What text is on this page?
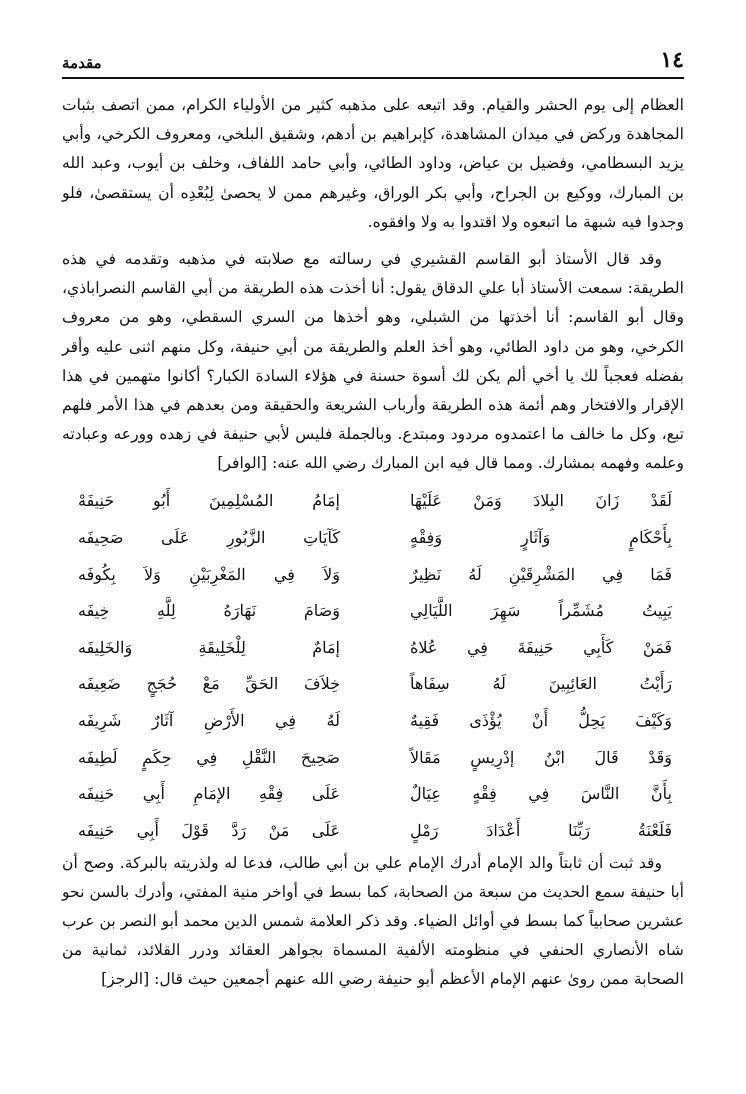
١٤
مقدمة

العظام إلى يوم الحشر والقيام. وقد اتبعه على مذهبه كثير من الأولياء الكرام، ممن اتصف بثبات المجاهدة وركض في ميدان المشاهدة، كإبراهيم بن أدهم، وشقيق البلخي، ومعروف الكرخي، وأبي يزيد البسطامي، وفضيل بن عياض، وداود الطائي، وأبي حامد اللفاف، وخلف بن أيوب، وعبد الله بن المبارك، ووكيع بن الجراح، وأبي بكر الوراق، وغيرهم ممن لا يحصىٰ لِبُعْدِه أن يستقصىٰ، فلو وجدوا فيه شبهة ما اتبعوه ولا اقتدوا به ولا وافقوه.

وقد قال الأستاذ أبو القاسم القشيري في رسالته مع صلابته في مذهبه وتقدمه في هذه الطريقة: سمعت الأستاذ أبا علي الدقاق يقول: أنا أخذت هذه الطريقة من أبي القاسم النصراباذي، وقال أبو القاسم: أنا أخذتها من الشبلي، وهو أخذها من السري السقطي، وهو من معروف الكرخي، وهو من داود الطائي، وهو أخذ العلم والطريقة من أبي حنيفة، وكل منهم اثنى عليه وأقر بفضله فعجباً لك يا أخي ألم يكن لك أسوة حسنة في هؤلاء السادة الكبار؟ أكانوا متهمين في هذا الإقرار والافتخار وهم أئمة هذه الطريقة وأرباب الشريعة والحقيقة ومن بعدهم في هذا الأمر فلهم تبع، وكل ما خالف ما اعتمدوه مردود ومبتدع. وبالجملة فليس لأبي حنيفة في زهده وورعه وعبادته وعلمه وفهمه بمشارك. ومما قال فيه ابن المبارك رضي الله عنه: [الوافر]

لَقَدْ زَانَ البِلادَ وَمَنْ عَلَيْهَا
إمَامُ المُسْلِمِينَ أَبُو حَنِيفَهْ
بِأَحْكَامٍ وَآثَارٍ وَفِقْهٍ
كَآيَاتِ الزَّبُورِ عَلَى صَحِيفَه
فَمَا فِي المَشْرِقَيْنِ لَهُ نَظِيرٌ
وَلاَ فِي المَغْرِبَيْنِ وَلاَ بِكُوفَه
يَبِيتُ مُشَمِّراً سَهِرَ اللَّيَالِي
وَصَامَ نَهَارَهُ لِلَّهِ خِيفَه
فَمَنْ كَأَبِي حَنِيفَةَ فِي عُلاهُ
إمَامٌ لِلْخَلِيقَةِ وَالخَلِيفَه
رَأَيْتُ العَائِبِينَ لَهُ سِفَاهاً
خِلاَفَ الحَقِّ مَعْ حُجَجٍ ضَعِيفَه
وَكَيْفَ يَحِلُّ أَنْ يُؤْذَى فَقِيهٌ
لَهُ فِي الأَرْضِ آثَارٌ شَرِيفَه
وَقَدْ قَالَ ابْنُ إدْرِيسٍ مَقَالاً
صَحِيحَ النَّقْلِ فِي حِكَمٍ لَطِيفَه
بِأَنَّ النَّاسَ فِي فِقْهٍ عِيَالٌ
عَلَى فِقْهِ الإمَامِ أَبِي حَنِيفَه
فَلَعْنَةُ رَبِّنَا أَعْدَادَ رَمْلٍ
عَلَى مَنْ رَدَّ قَوْلَ أَبِي حَنِيفَه

وقد ثبت أن ثابتاً والد الإمام أدرك الإمام علي بن أبي طالب، فدعا له ولذريته بالبركة. وصح أن أبا حنيفة سمع الحديث من سبعة من الصحابة، كما بسط في أواخر منية المفتي، وأدرك بالسن نحو عشرين صحابياً كما بسط في أوائل الضياء. وقد ذكر العلامة شمس الدين محمد أبو النصر بن عرب شاه الأنصاري الحنفي في منظومته الألفية المسماة بجواهر العقائد ودرر القلائد، ثمانية من الصحابة ممن روىٰ عنهم الإمام الأعظم أبو حنيفة رضي الله عنهم أجمعين حيث قال: [الرجز]
